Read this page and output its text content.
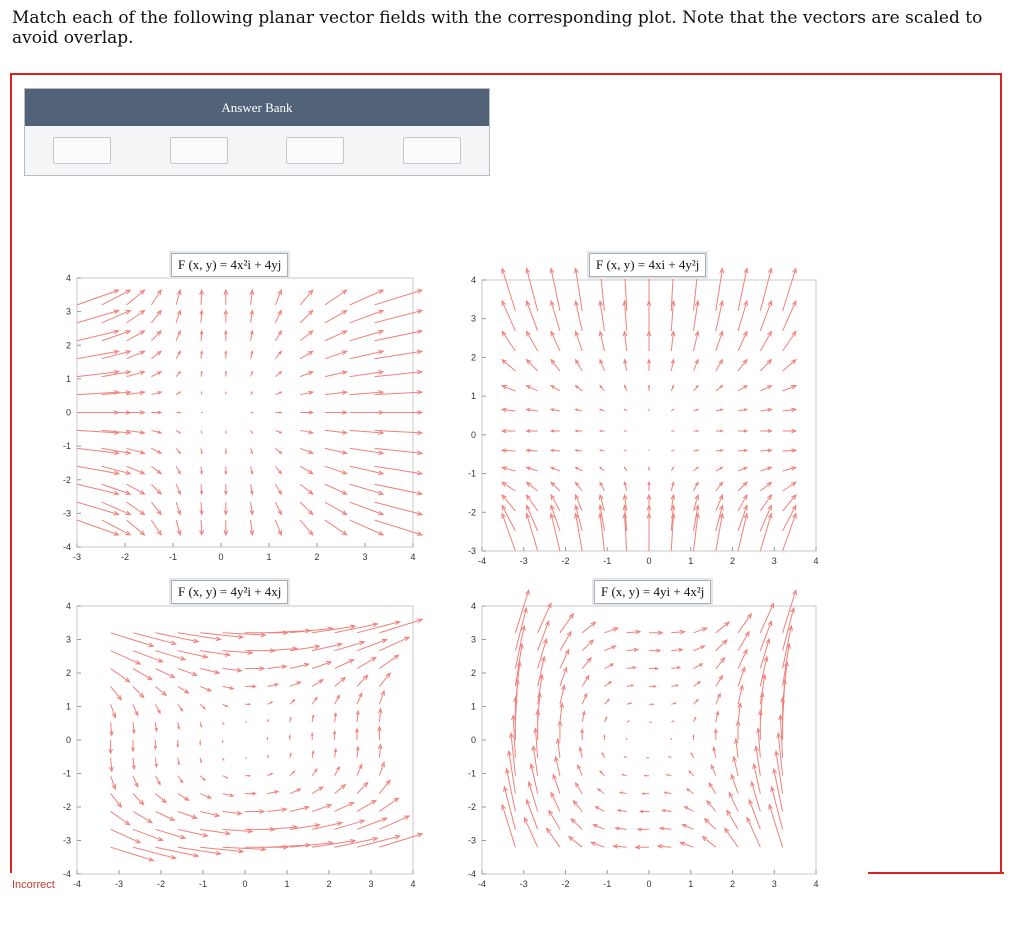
Match each of the following planar vector fields with the corresponding plot. Note that the vectors are scaled to avoid overlap.
Answer Bank
-3	-2	-1	0	1	2	3	4
4
3
2
1
0
-1
-2
-3
-4
-4	-3	-2	-1	0	1	2	3	4
4
3
2
1
0
-1
-2
-3
-4	-3	-2	-1	0	1	2	3	4
4
3
2
1
0
-1
-2
-3
-4
-4	-3	-2	-1	0	1	2	3	4
4
3
2
1
0
-1
-2
-3
-4
F (x, y) = 4x²i + 4yj	F (x, y) = 4xi + 4y²j
F (x, y) = 4y²i + 4xj	F (x, y) = 4yi + 4x²j
Incorrect
